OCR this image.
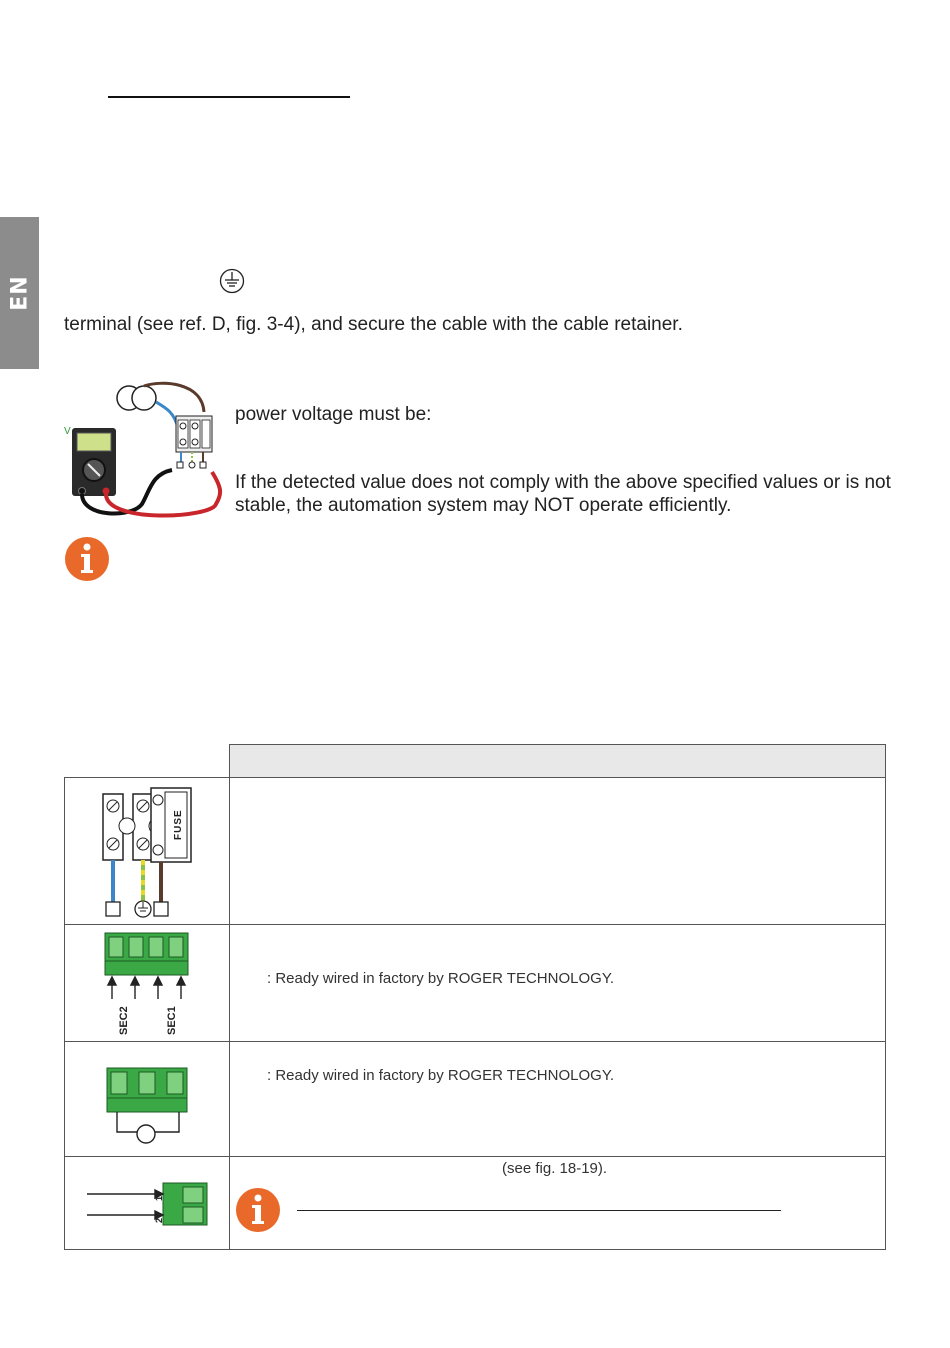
EN
terminal (see ref. D, fig. 3-4), and secure the cable with the cable retainer.
V
power voltage must be:
If the detected value does not comply with the above specified values or is not stable, the automation system may NOT operate efficiently.

FUSE	

SEC2 SEC1	: Ready wired in factory by ROGER TECHNOLOGY.

: Ready wired in factory by ROGER TECHNOLOGY.

1
2	(see fig. 18-19).
